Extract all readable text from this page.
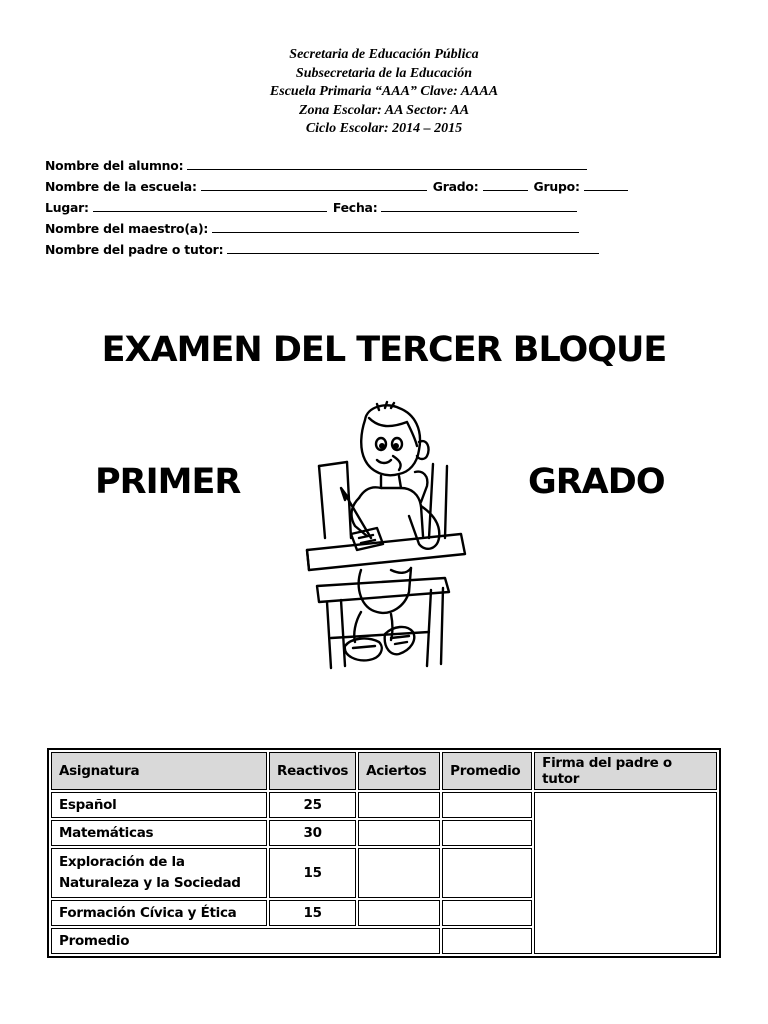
Secretaria de Educación Pública
Subsecretaria de la Educación
Escuela Primaria “AAA” Clave: AAAA
Zona Escolar: AA Sector: AA
Ciclo Escolar: 2014 – 2015
Nombre del alumno:
Nombre de la escuela:	Grado:	Grupo:
Lugar:	Fecha:
Nombre del maestro(a):
Nombre del padre o tutor:
EXAMEN DEL TERCER BLOQUE
PRIMER	GRADO
Asignatura	Reactivos	Aciertos	Promedio	Firma del padre o tutor
Español	25			
Matemáticas	30			
Exploración de la Naturaleza y la Sociedad	15			
Formación Cívica y Ética	15			
Promedio				
